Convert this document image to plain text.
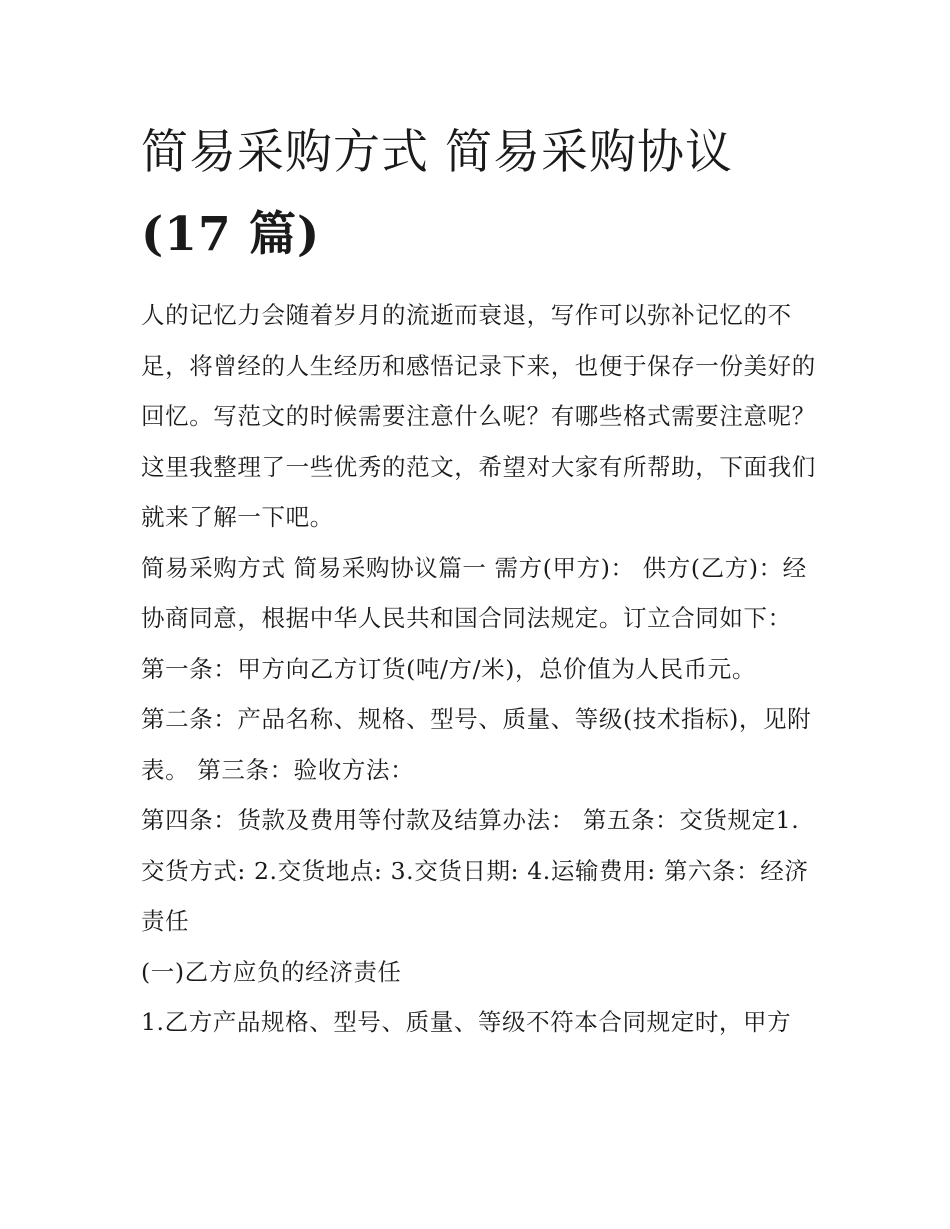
简易采购方式 简易采购协议
(17 篇)

人的记忆力会随着岁月的流逝而衰退，写作可以弥补记忆的不足，将曾经的人生经历和感悟记录下来，也便于保存一份美好的回忆。写范文的时候需要注意什么呢？有哪些格式需要注意呢？这里我整理了一些优秀的范文，希望对大家有所帮助，下面我们就来了解一下吧。

简易采购方式 简易采购协议篇一 需方(甲方)： 供方(乙方)：经协商同意，根据中华人民共和国合同法规定。订立合同如下：

第一条：甲方向乙方订货(吨/方/米)，总价值为人民币元。

第二条：产品名称、规格、型号、质量、等级(技术指标)，见附表。 第三条：验收方法：

第四条：货款及费用等付款及结算办法： 第五条：交货规定1.交货方式: 2.交货地点: 3.交货日期: 4.运输费用: 第六条：经济责任

(一)乙方应负的经济责任

1.乙方产品规格、型号、质量、等级不符本合同规定时，甲方
